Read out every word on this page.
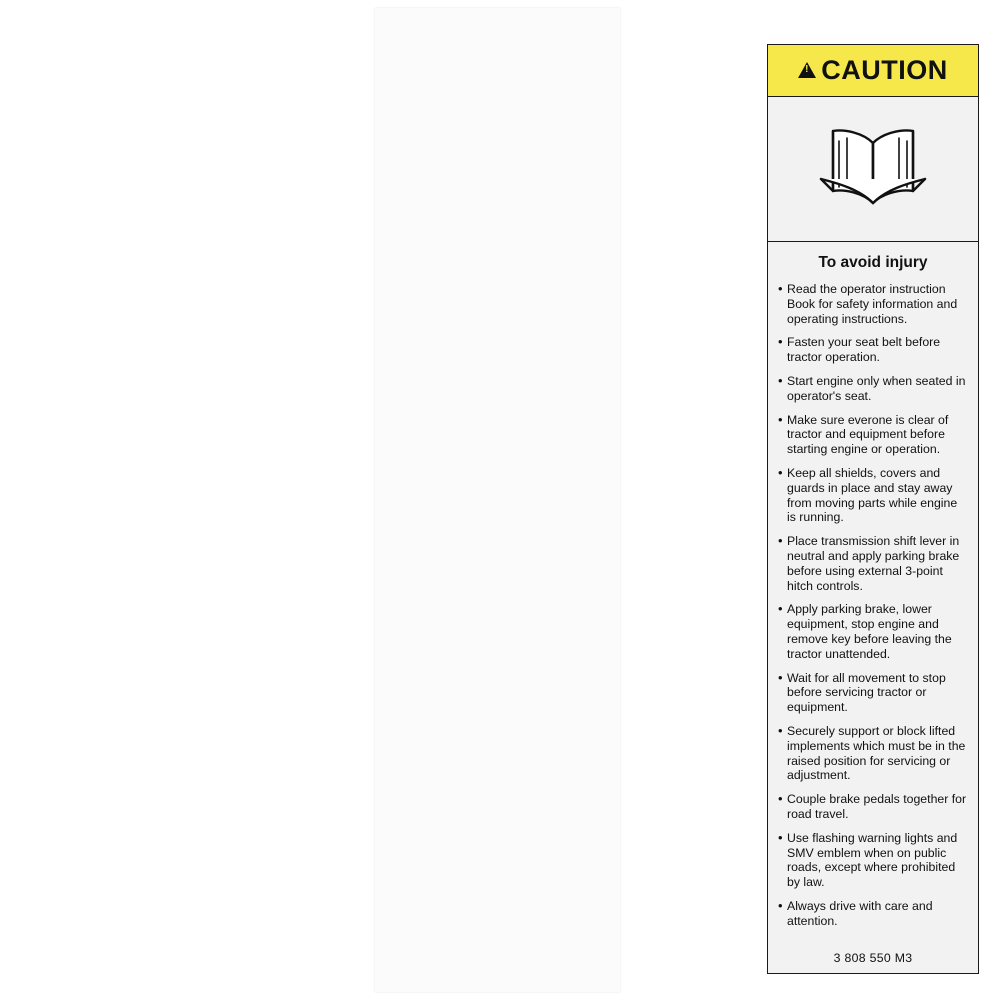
!
CAUTION
To avoid injury
• Read the operator instruction Book for safety information and operating instructions.
• Fasten your seat belt before tractor operation.
• Start engine only when seated in operator's seat.
• Make sure everone is clear of tractor and equipment before starting engine or operation.
• Keep all shields, covers and guards in place and stay away from moving parts while engine is running.
• Place transmission shift lever in neutral and apply parking brake before using external 3-point hitch controls.
• Apply parking brake, lower equipment, stop engine and remove key before leaving the tractor unattended.
• Wait for all movement to stop before servicing tractor or equipment.
• Securely support or block lifted implements which must be in the raised position for servicing or adjustment.
• Couple brake pedals together for road travel.
• Use flashing warning lights and SMV emblem when on public roads, except where prohibited by law.
• Always drive with care and attention.
3 808 550 M3
